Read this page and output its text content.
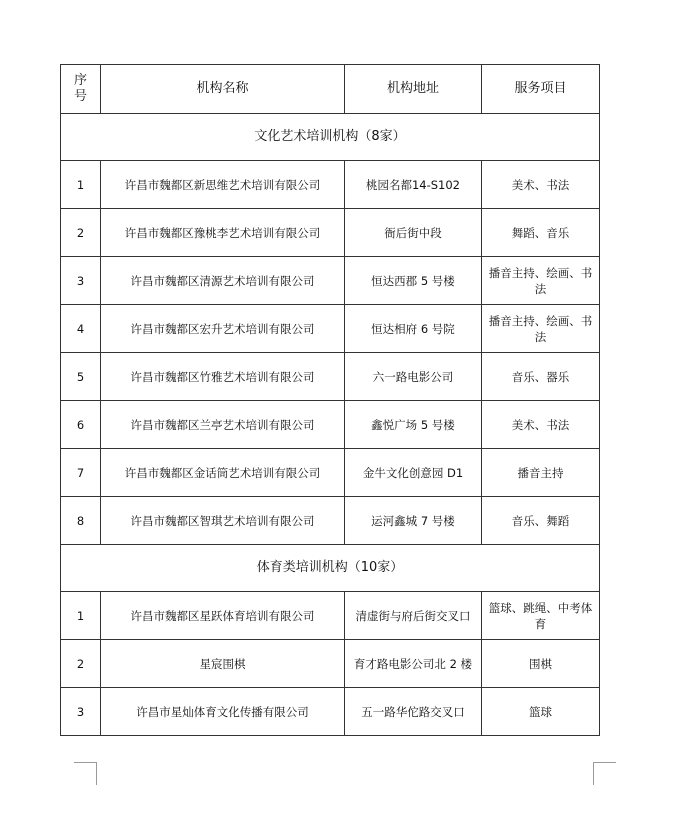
序号	机构名称	机构地址	服务项目
文化艺术培训机构（8家）			
1	许昌市魏都区新思维艺术培训有限公司	桃园名都14-S102	美术、书法
2	许昌市魏都区豫桃李艺术培训有限公司	衙后街中段	舞蹈、音乐
3	许昌市魏都区清源艺术培训有限公司	恒达西郡 5 号楼	播音主持、绘画、书法
4	许昌市魏都区宏升艺术培训有限公司	恒达相府 6 号院	播音主持、绘画、书法
5	许昌市魏都区竹雅艺术培训有限公司	六一路电影公司	音乐、器乐
6	许昌市魏都区兰亭艺术培训有限公司	鑫悦广场 5 号楼	美术、书法
7	许昌市魏都区金话筒艺术培训有限公司	金牛文化创意园 D1	播音主持
8	许昌市魏都区智琪艺术培训有限公司	运河鑫城 7 号楼	音乐、舞蹈
体育类培训机构（10家）			
1	许昌市魏都区星跃体育培训有限公司	清虚街与府后街交叉口	篮球、跳绳、中考体育
2	星宸围棋	育才路电影公司北 2 楼	围棋
3	许昌市星灿体育文化传播有限公司	五一路华佗路交叉口	篮球
